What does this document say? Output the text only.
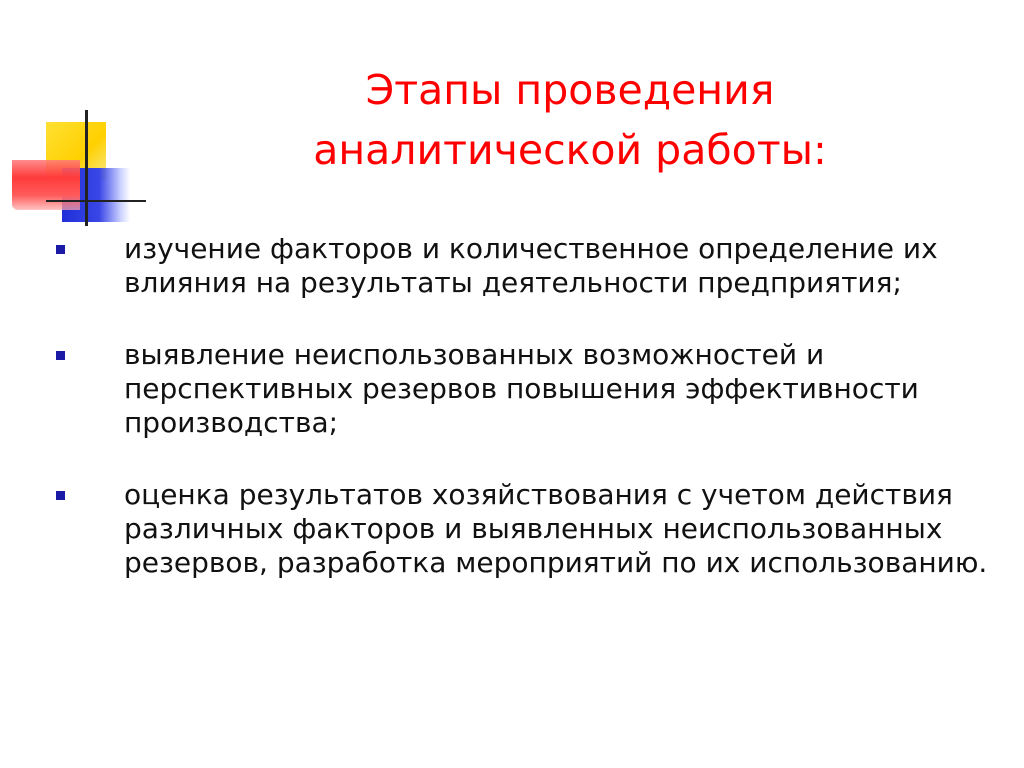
Этапы проведения
аналитической работы:
изучение факторов и количественное определение их влияния на результаты деятельности предприятия;
выявление неиспользованных возможностей и перспективных резервов повышения эффективности производства;
оценка результатов хозяйствования с учетом действия различных факторов и выявленных неиспользованных резервов, разработка мероприятий по их использованию.
